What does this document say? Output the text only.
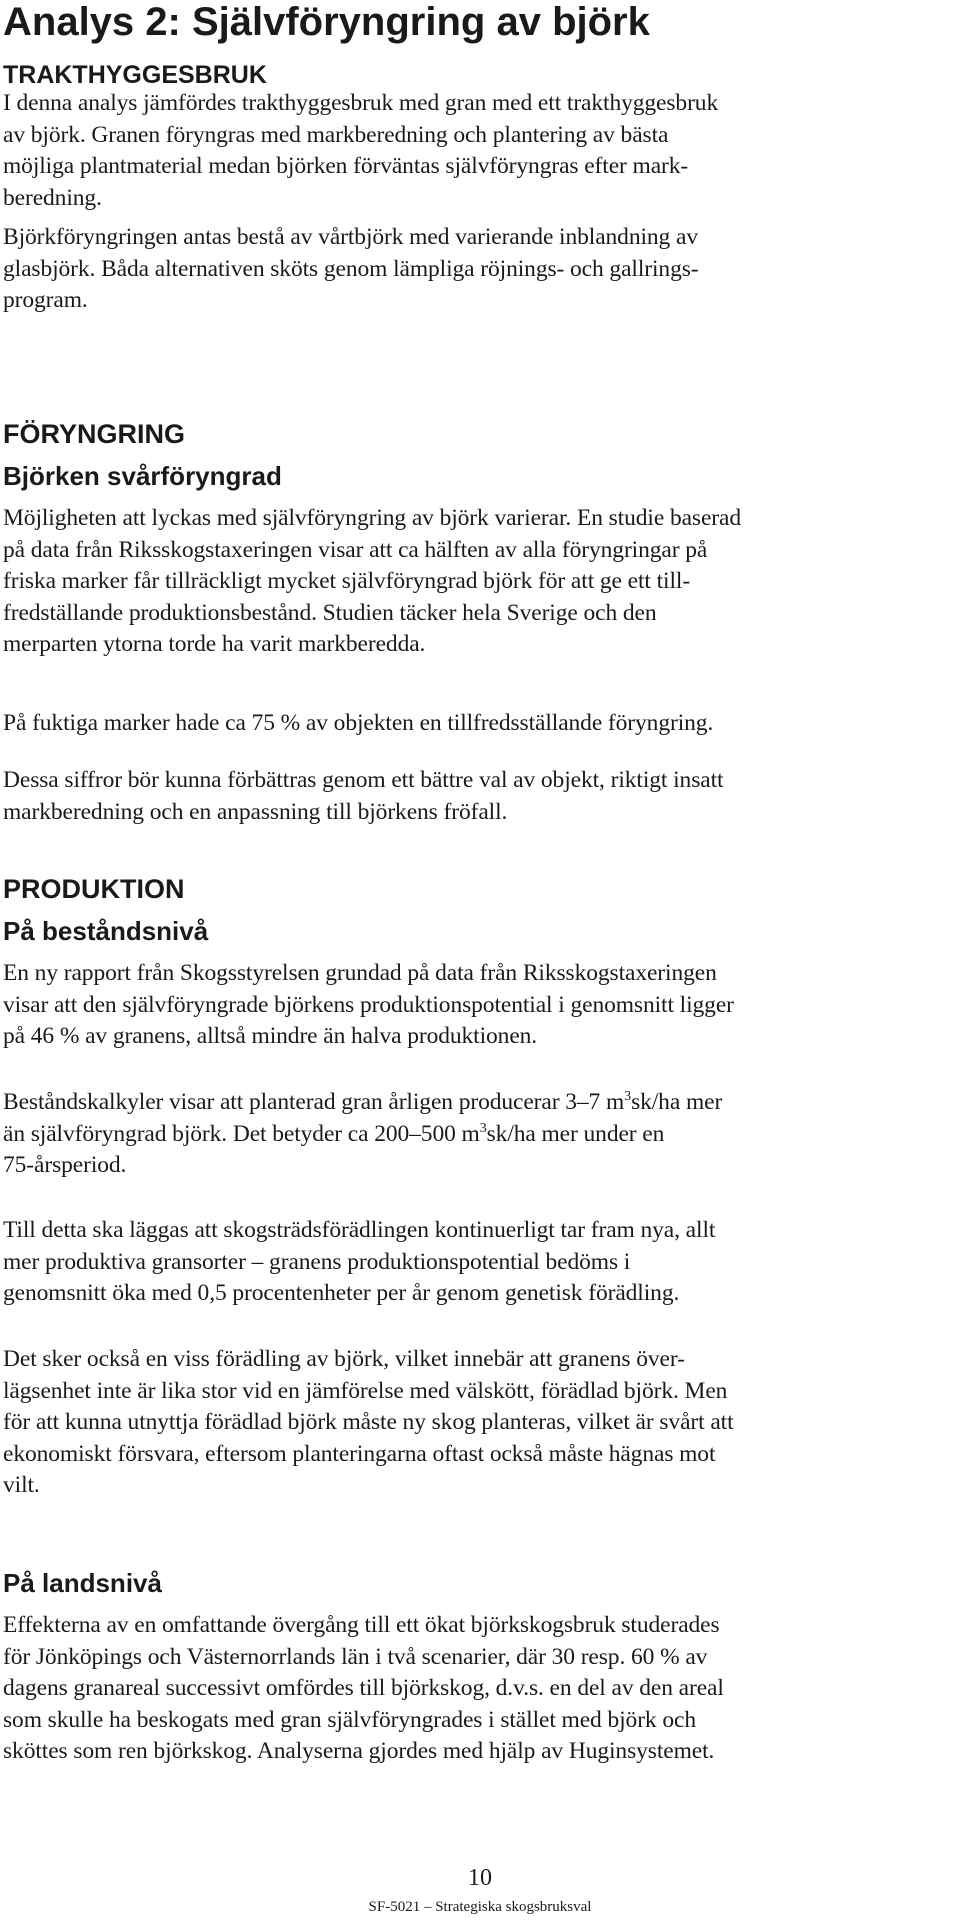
Analys 2: Självföryngring av björk
TRAKTHYGGESBRUK
I denna analys jämfördes trakthyggesbruk med gran med ett trakthyggesbruk
av björk. Granen föryngras med markberedning och plantering av bästa
möjliga plantmaterial medan björken förväntas självföryngras efter mark-
beredning.
Björkföryngringen antas bestå av vårtbjörk med varierande inblandning av
glasbjörk. Båda alternativen sköts genom lämpliga röjnings- och gallrings-
program.
FÖRYNGRING
Björken svårföryngrad
Möjligheten att lyckas med självföryngring av björk varierar. En studie baserad
på data från Riksskogstaxeringen visar att ca hälften av alla föryngringar på
friska marker får tillräckligt mycket självföryngrad björk för att ge ett till-
fredställande produktionsbestånd. Studien täcker hela Sverige och den
merparten ytorna torde ha varit markberedda.
På fuktiga marker hade ca 75 % av objekten en tillfredsställande föryngring.
Dessa siffror bör kunna förbättras genom ett bättre val av objekt, riktigt insatt
markberedning och en anpassning till björkens fröfall.
PRODUKTION
På beståndsnivå
En ny rapport från Skogsstyrelsen grundad på data från Riksskogstaxeringen
visar att den självföryngrade björkens produktionspotential i genomsnitt ligger
på 46 % av granens, alltså mindre än halva produktionen.
Beståndskalkyler visar att planterad gran årligen producerar 3–7 $m^3sk/ha$ mer
än självföryngrad björk. Det betyder ca 200–500 $m^3sk/ha$ mer under en
75-årsperiod.
Till detta ska läggas att skogsträdsförädlingen kontinuerligt tar fram nya, allt
mer produktiva gransorter – granens produktionspotential bedöms i
genomsnitt öka med 0,5 procentenheter per år genom genetisk förädling.
Det sker också en viss förädling av björk, vilket innebär att granens över-
lägsenhet inte är lika stor vid en jämförelse med välskött, förädlad björk. Men
för att kunna utnyttja förädlad björk måste ny skog planteras, vilket är svårt att
ekonomiskt försvara, eftersom planteringarna oftast också måste hägnas mot
vilt.
På landsnivå
Effekterna av en omfattande övergång till ett ökat björkskogsbruk studerades
för Jönköpings och Västernorrlands län i två scenarier, där 30 resp. 60 % av
dagens granareal successivt omfördes till björkskog, d.v.s. en del av den areal
som skulle ha beskogats med gran självföryngrades i stället med björk och
sköttes som ren björkskog. Analyserna gjordes med hjälp av Huginsystemet.
10
SF-5021 – Strategiska skogsbruksval
